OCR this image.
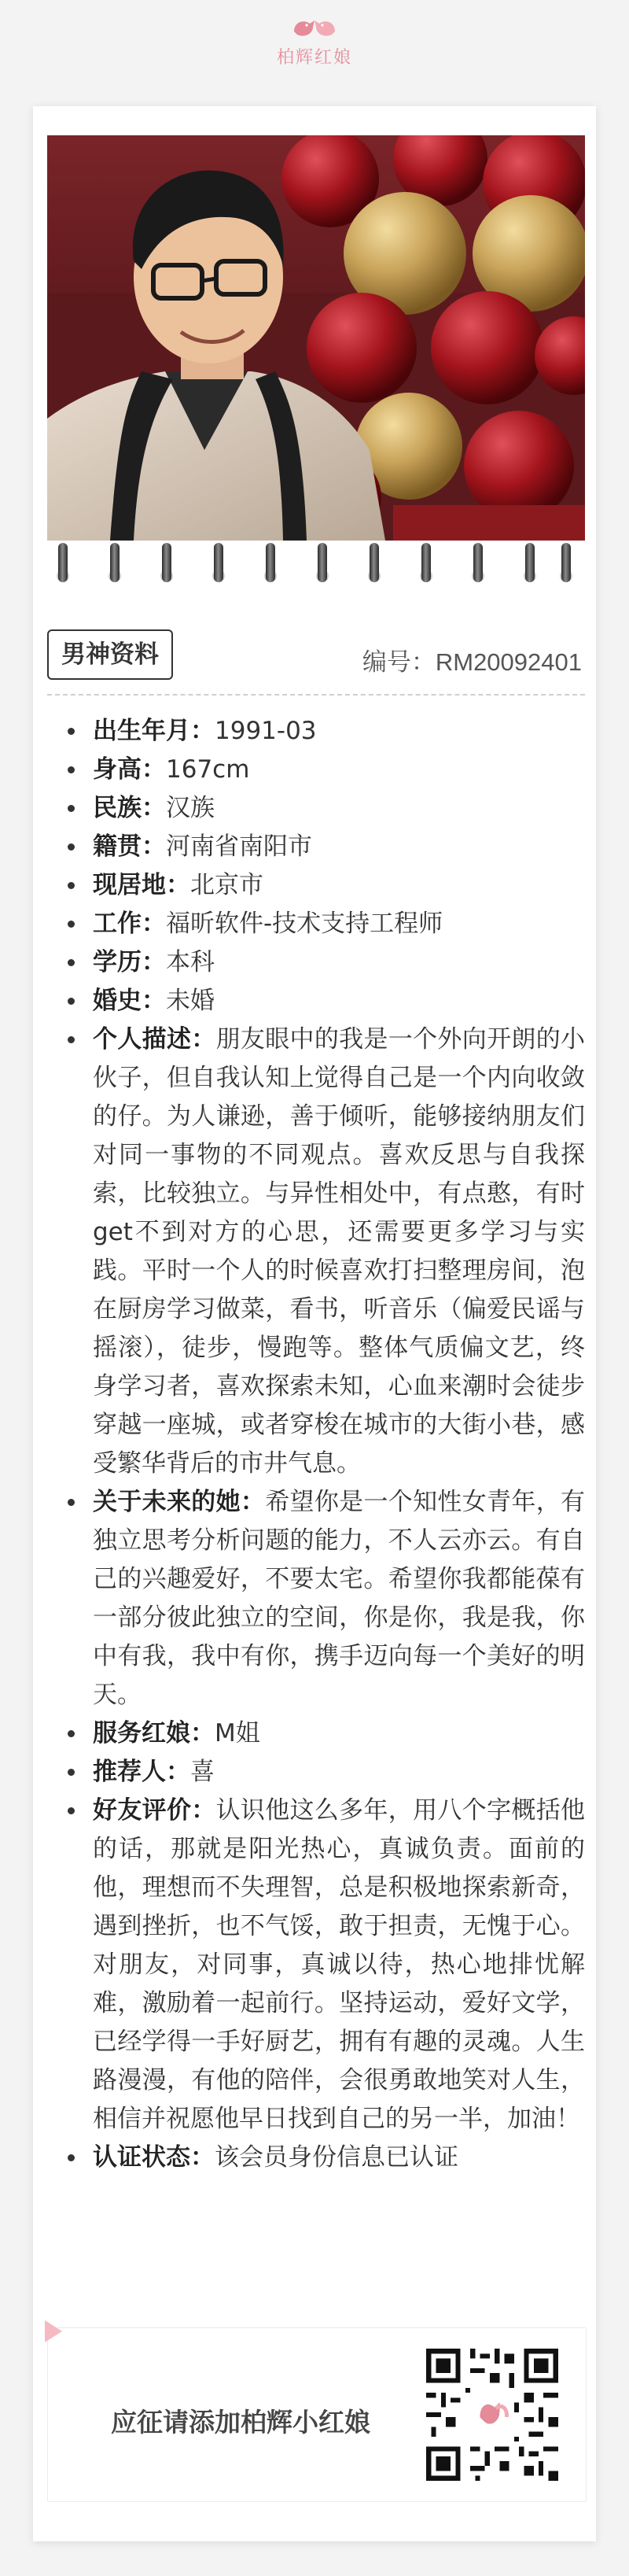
柏辉红娘
男神资料	编号：RM20092401
出生年月：1991-03
身高：167cm
民族：汉族
籍贯：河南省南阳市
现居地：北京市
工作：福昕软件-技术支持工程师
学历：本科
婚史：未婚
个人描述：朋友眼中的我是一个外向开朗的小伙子，但自我认知上觉得自己是一个内向收敛的仔。为人谦逊，善于倾听，能够接纳朋友们对同一事物的不同观点。喜欢反思与自我探索，比较独立。与异性相处中，有点憨，有时get不到对方的心思，还需要更多学习与实践。平时一个人的时候喜欢打扫整理房间，泡在厨房学习做菜，看书，听音乐（偏爱民谣与摇滚），徒步，慢跑等。整体气质偏文艺，终身学习者，喜欢探索未知，心血来潮时会徒步穿越一座城，或者穿梭在城市的大街小巷，感受繁华背后的市井气息。
关于未来的她：希望你是一个知性女青年，有独立思考分析问题的能力，不人云亦云。有自己的兴趣爱好，不要太宅。希望你我都能葆有一部分彼此独立的空间，你是你，我是我，你中有我，我中有你，携手迈向每一个美好的明天。
服务红娘：M姐
推荐人：喜
好友评价：认识他这么多年，用八个字概括他的话，那就是阳光热心，真诚负责。面前的他，理想而不失理智，总是积极地探索新奇，遇到挫折，也不气馁，敢于担责，无愧于心。对朋友，对同事，真诚以待，热心地排忧解难，激励着一起前行。坚持运动，爱好文学，已经学得一手好厨艺，拥有有趣的灵魂。人生路漫漫，有他的陪伴，会很勇敢地笑对人生，相信并祝愿他早日找到自己的另一半，加油！
认证状态：该会员身份信息已认证
应征请添加柏辉小红娘
